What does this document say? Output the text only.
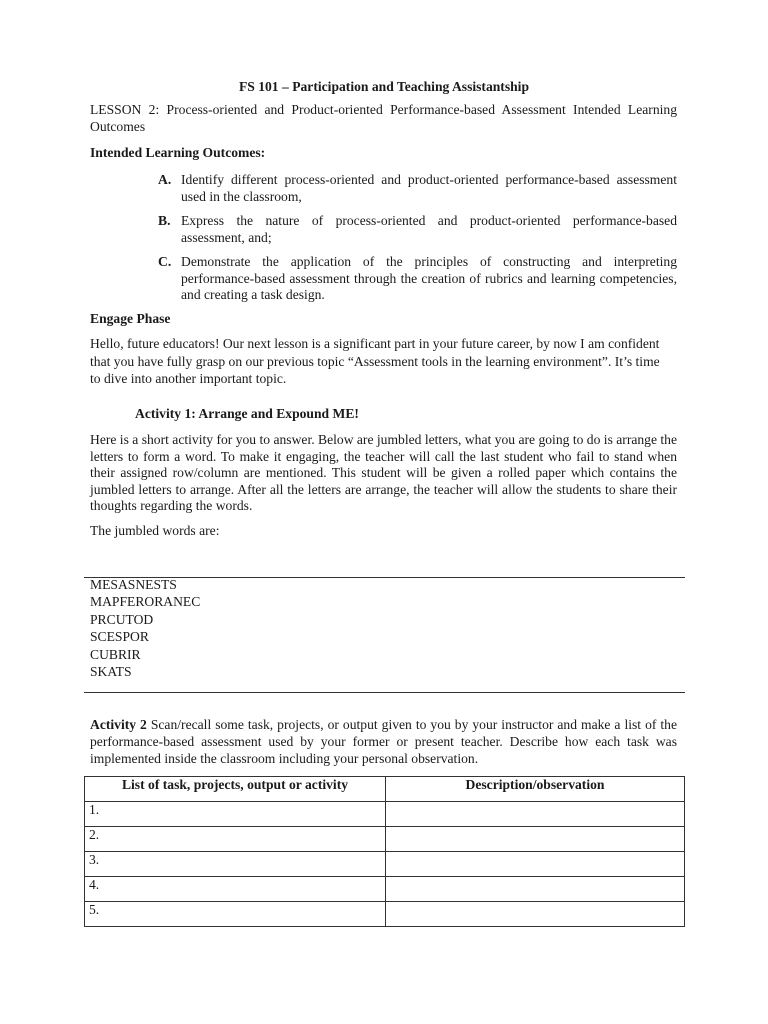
FS 101 – Participation and Teaching Assistantship
LESSON 2: Process-oriented and Product-oriented Performance-based Assessment Intended Learning Outcomes
Intended Learning Outcomes:
A. Identify different process-oriented and product-oriented performance-based assessment used in the classroom,
B. Express the nature of process-oriented and product-oriented performance-based assessment, and;
C. Demonstrate the application of the principles of constructing and interpreting performance-based assessment through the creation of rubrics and learning competencies, and creating a task design.
Engage Phase
Hello, future educators! Our next lesson is a significant part in your future career, by now I am confident that you have fully grasp on our previous topic “Assessment tools in the learning environment”. It’s time to dive into another important topic.
Activity 1: Arrange and Expound ME!
Here is a short activity for you to answer. Below are jumbled letters, what you are going to do is arrange the letters to form a word. To make it engaging, the teacher will call the last student who fail to stand when their assigned row/column are mentioned. This student will be given a rolled paper which contains the jumbled letters to arrange. After all the letters are arrange, the teacher will allow the students to share their thoughts regarding the words.
The jumbled words are:
MESASNESTS
MAPFERORANEC
PRCUTOD
SCESPOR
CUBRIR
SKATS
Activity 2 Scan/recall some task, projects, or output given to you by your instructor and make a list of the performance-based assessment used by your former or present teacher. Describe how each task was implemented inside the classroom including your personal observation.
List of task, projects, output or activity	Description/observation
1.	
2.	
3.	
4.	
5.	
